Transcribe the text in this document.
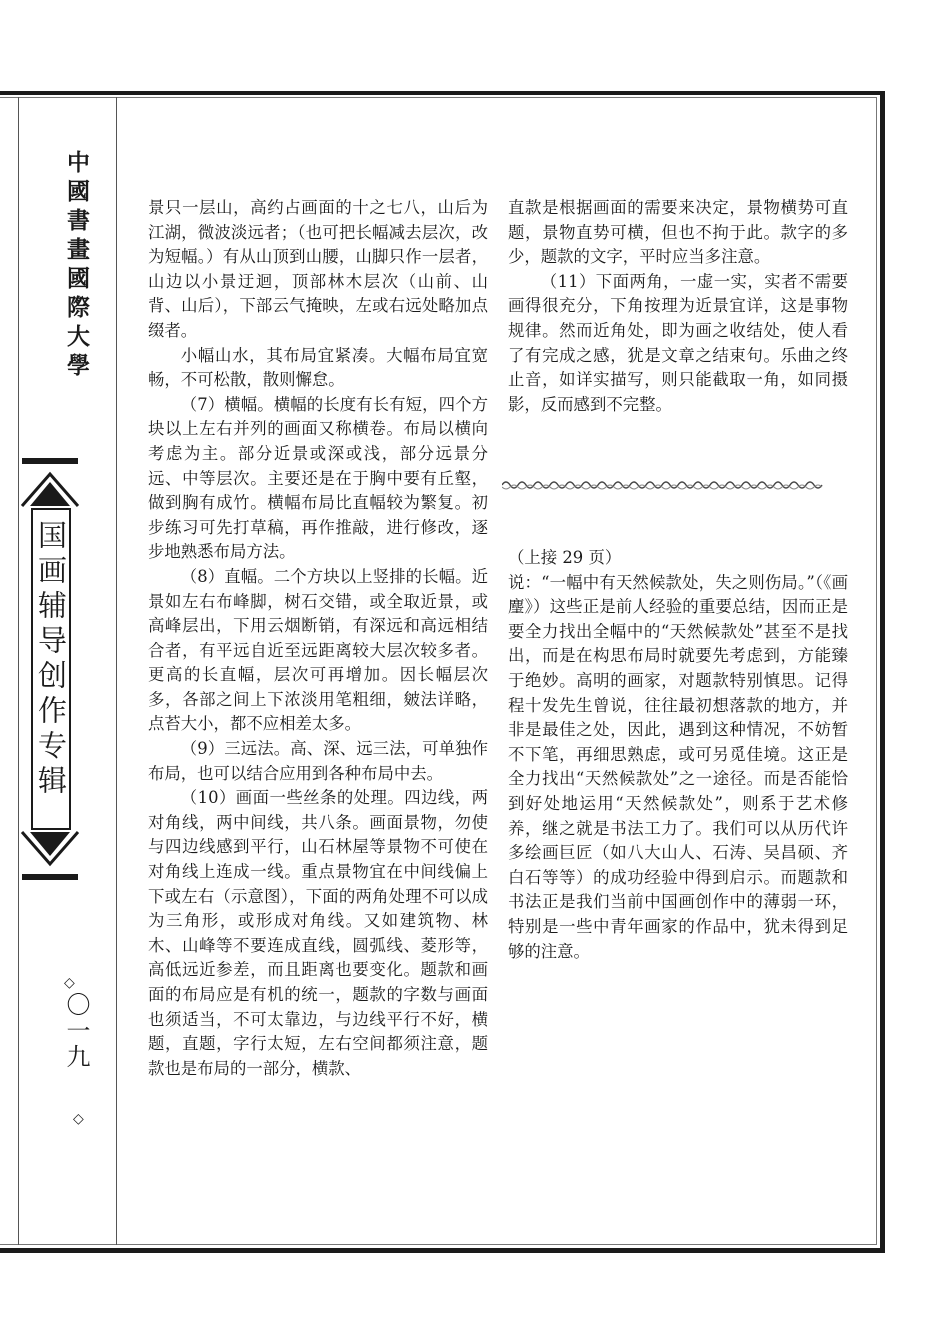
中國書畫國際大學
国画辅导创作专辑
◇
〇一九
◇

景只一层山，高约占画面的十之七八，山后为江湖，微波淡远者；（也可把长幅减去层次，改为短幅。）有从山顶到山腰，山脚只作一层者，山边以小景迂迴，顶部林木层次（山前、山背、山后），下部云气掩映，左或右远处略加点缀者。

小幅山水，其布局宜紧凑。大幅布局宜宽畅，不可松散，散则懈怠。

（7）横幅。横幅的长度有长有短，四个方块以上左右并列的画面又称横卷。布局以横向考虑为主。部分近景或深或浅，部分远景分远、中等层次。主要还是在于胸中要有丘壑，做到胸有成竹。横幅布局比直幅较为繁复。初步练习可先打草稿，再作推敲，进行修改，逐步地熟悉布局方法。

（8）直幅。二个方块以上竖排的长幅。近景如左右布峰脚，树石交错，或全取近景，或高峰层出，下用云烟断销，有深远和高远相结合者，有平远自近至远距离较大层次较多者。更高的长直幅，层次可再增加。因长幅层次多，各部之间上下浓淡用笔粗细，皴法详略，点苔大小，都不应相差太多。

（9）三远法。高、深、远三法，可单独作布局，也可以结合应用到各种布局中去。

（10）画面一些丝条的处理。四边线，两对角线，两中间线，共八条。画面景物，勿使与四边线感到平行，山石林屋等景物不可使在对角线上连成一线。重点景物宜在中间线偏上下或左右（示意图），下面的两角处理不可以成为三角形，或形成对角线。又如建筑物、林木、山峰等不要连成直线，圆弧线、菱形等，高低远近参差，而且距离也要变化。题款和画面的布局应是有机的统一，题款的字数与画面也须适当，不可太靠边，与边线平行不好，横题，直题，字行太短，左右空间都须注意，题款也是布局的一部分，横款、

直款是根据画面的需要来决定，景物横势可直题，景物直势可横，但也不拘于此。款字的多少，题款的文字，平时应当多注意。

（11）下面两角，一虚一实，实者不需要画得很充分，下角按理为近景宜详，这是事物规律。然而近角处，即为画之收结处，使人看了有完成之感，犹是文章之结束句。乐曲之终止音，如详实描写，则只能截取一角，如同摄影，反而感到不完整。

（上接 29 页）

说：“一幅中有天然候款处，失之则伤局。”（《画麈》）这些正是前人经验的重要总结，因而正是要全力找出全幅中的“天然候款处”甚至不是找出，而是在构思布局时就要先考虑到，方能臻于绝妙。高明的画家，对题款特别慎思。记得程十发先生曾说，往往最初想落款的地方，并非是最佳之处，因此，遇到这种情况，不妨暂不下笔，再细思熟虑，或可另觅佳境。这正是全力找出“天然候款处”之一途径。而是否能恰到好处地运用“天然候款处”，则系于艺术修养，继之就是书法工力了。我们可以从历代许多绘画巨匠（如八大山人、石涛、吴昌硕、齐白石等等）的成功经验中得到启示。而题款和书法正是我们当前中国画创作中的薄弱一环，特别是一些中青年画家的作品中，犹未得到足够的注意。
